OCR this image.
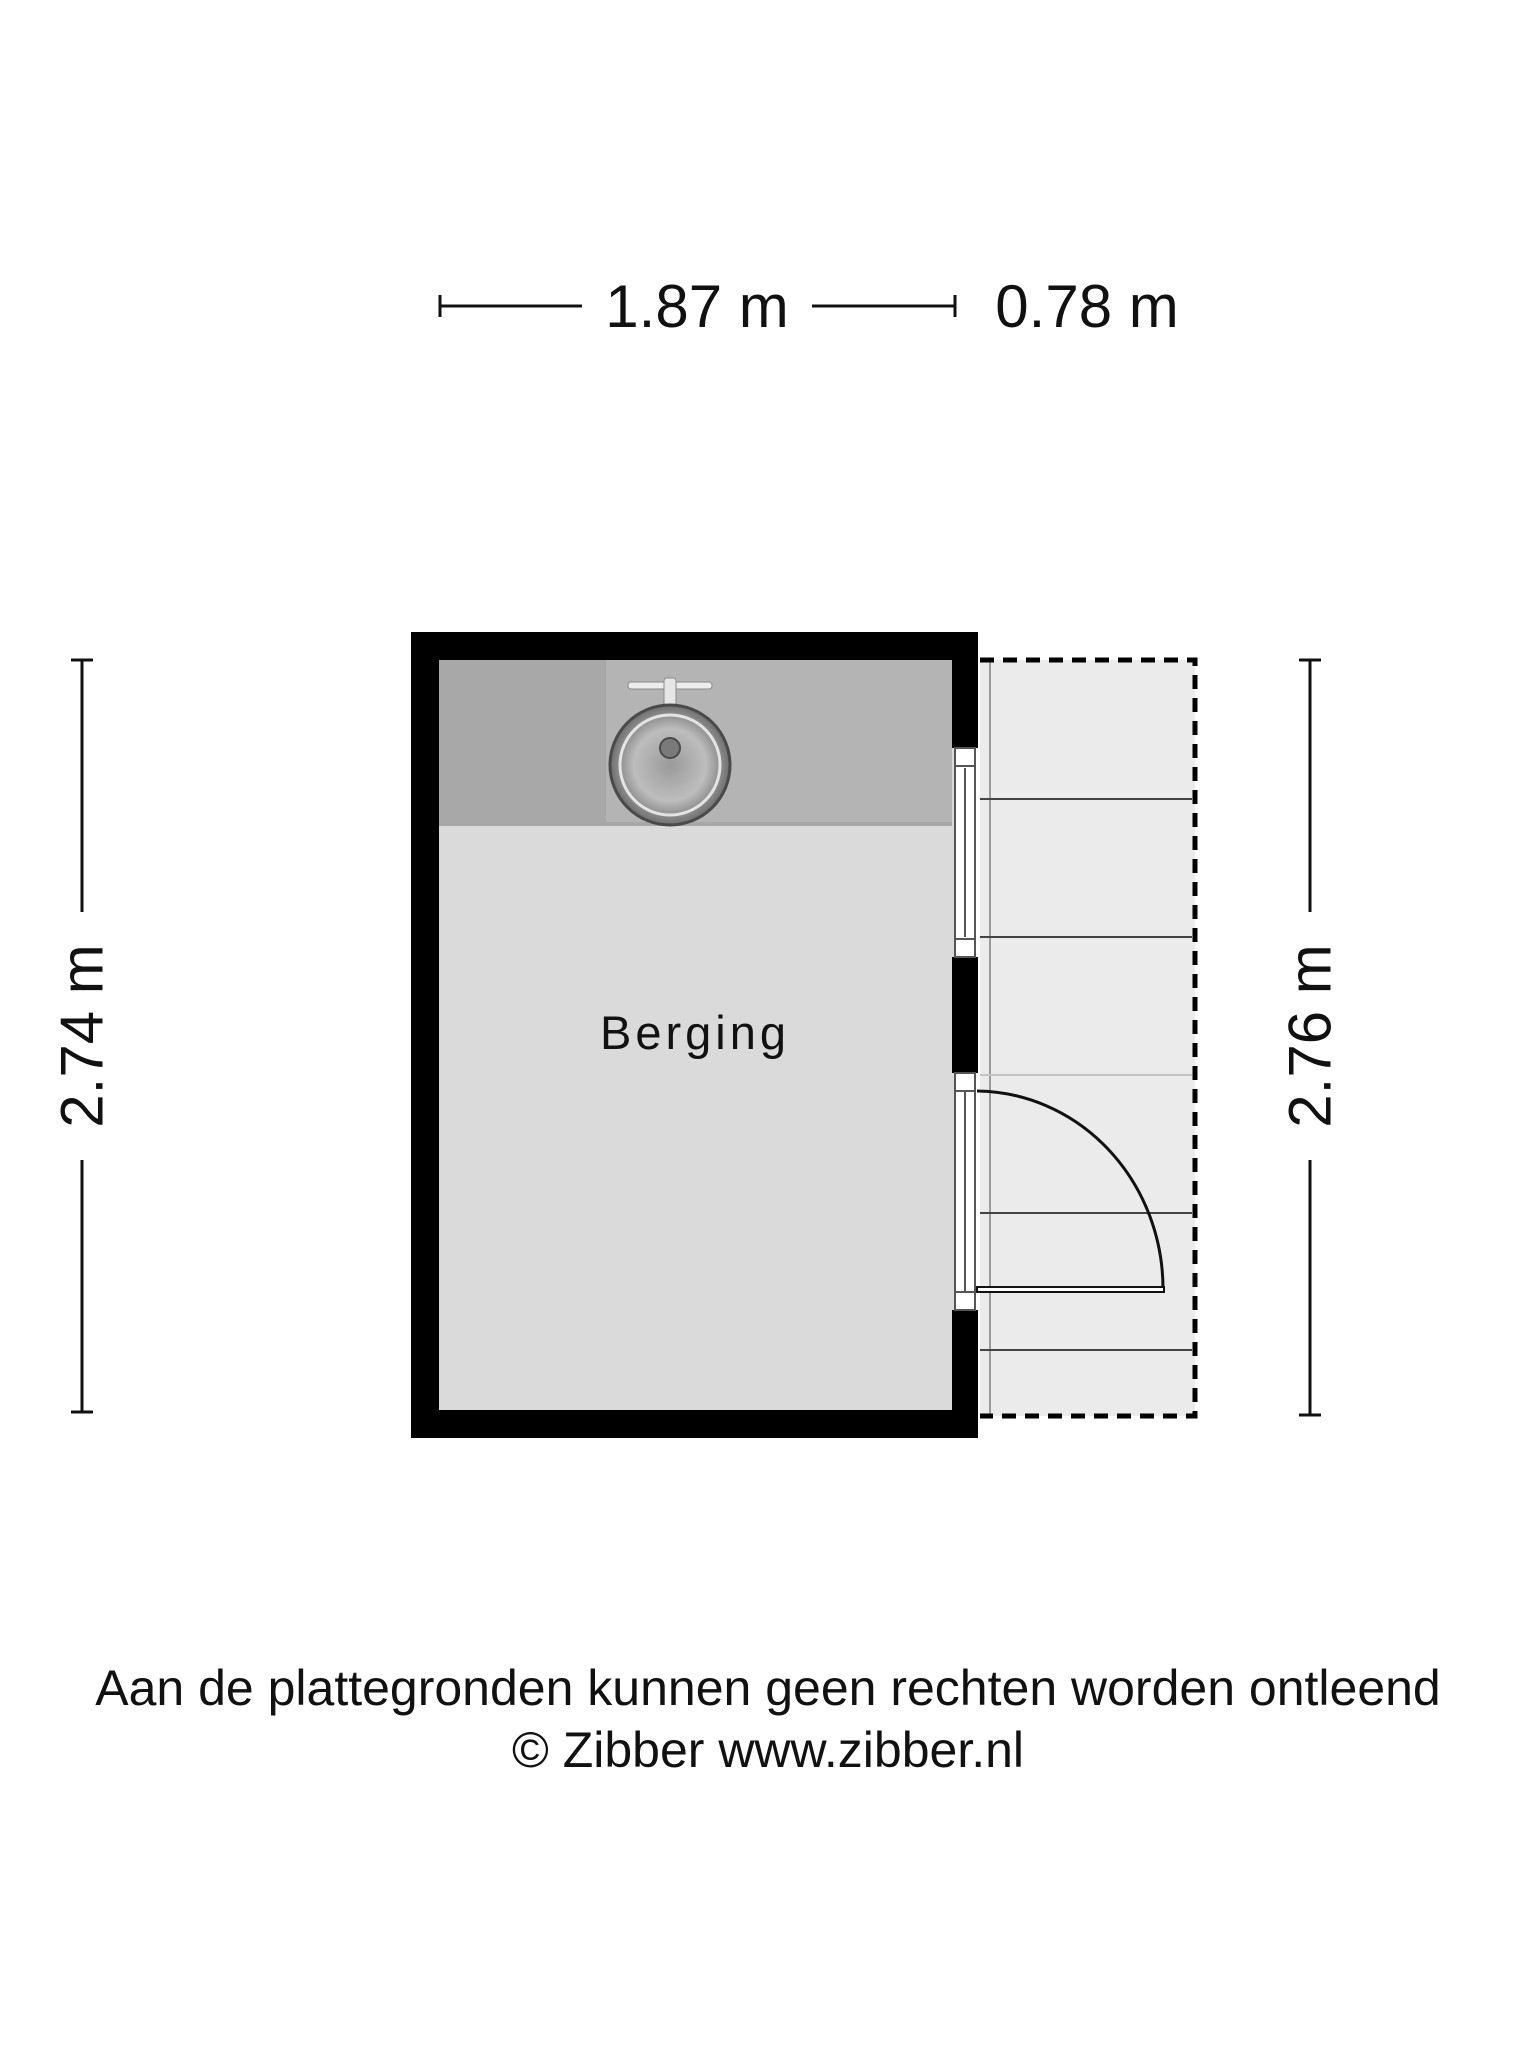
1.87 m	0.78 m
2.74 m	2.76 m
Berging
Aan de plattegronden kunnen geen rechten worden ontleend
© Zibber www.zibber.nl
